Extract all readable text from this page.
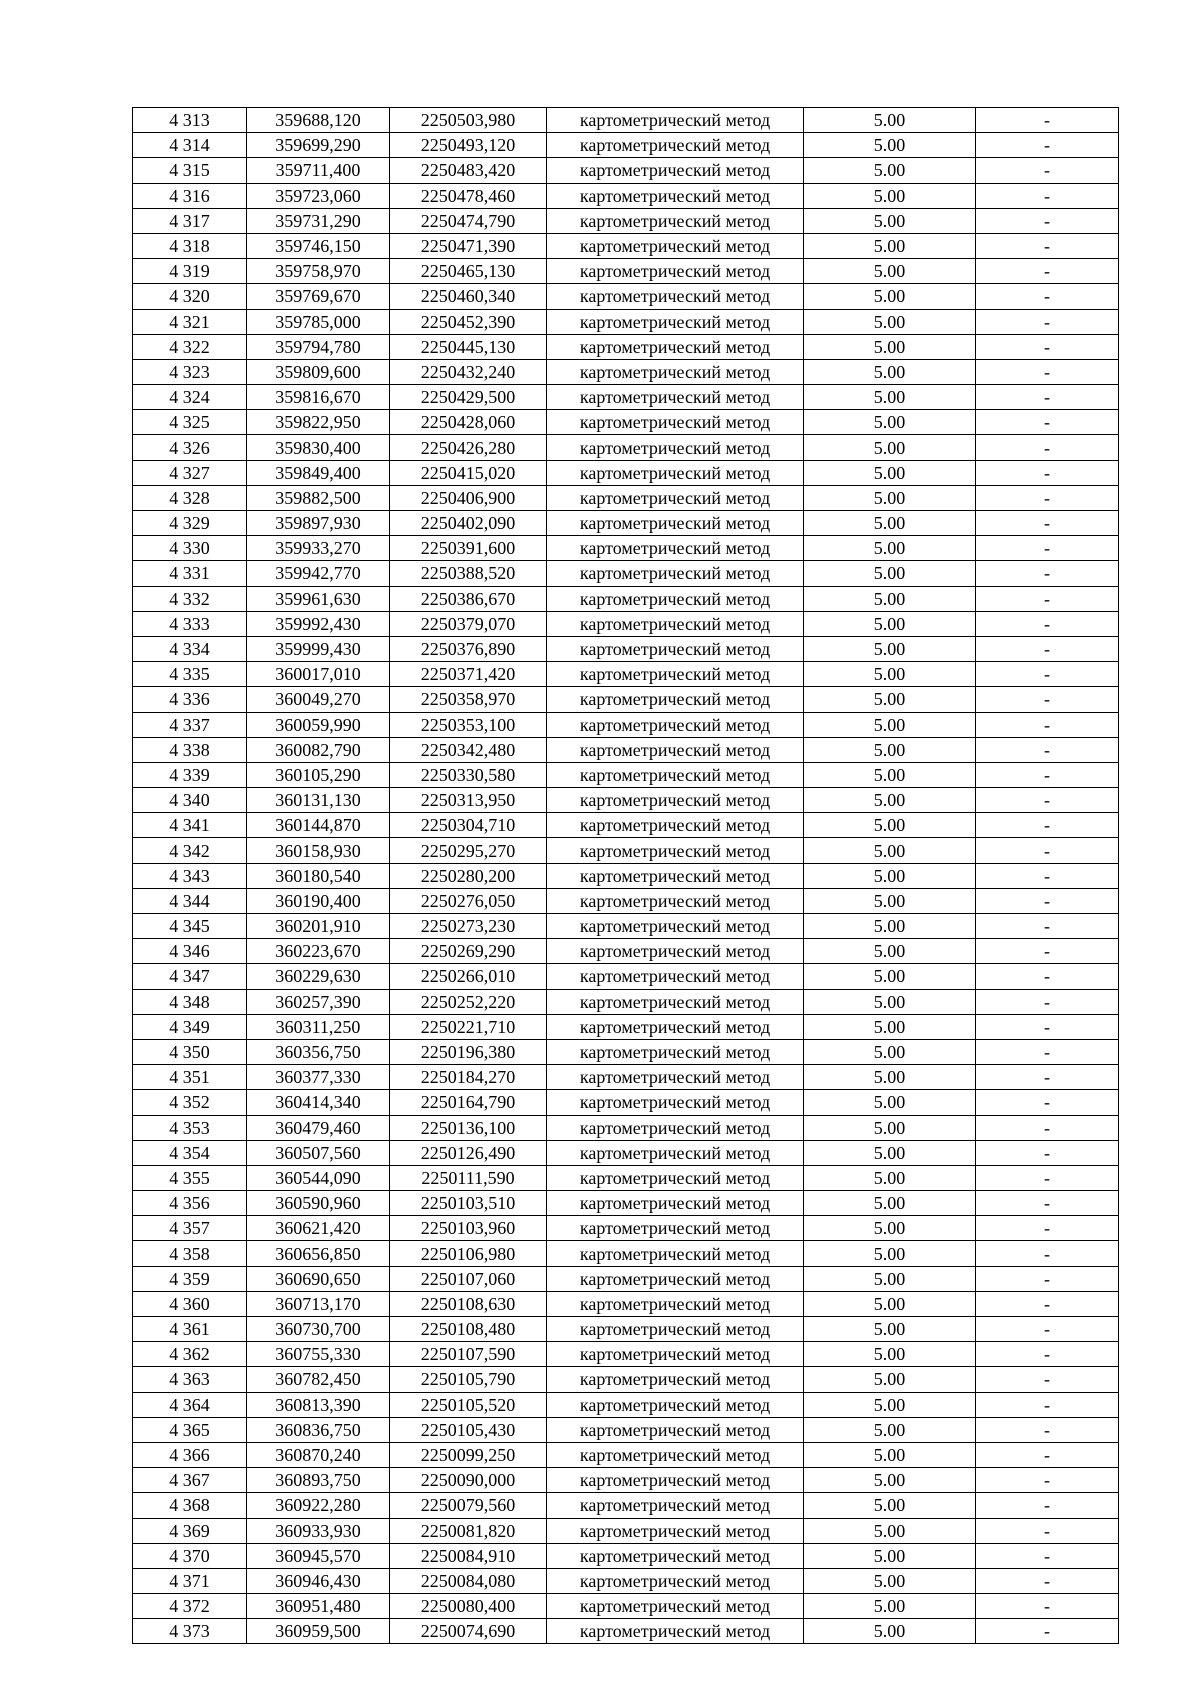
4 313	359688,120	2250503,980	картометрический метод	5.00	-
4 314	359699,290	2250493,120	картометрический метод	5.00	-
4 315	359711,400	2250483,420	картометрический метод	5.00	-
4 316	359723,060	2250478,460	картометрический метод	5.00	-
4 317	359731,290	2250474,790	картометрический метод	5.00	-
4 318	359746,150	2250471,390	картометрический метод	5.00	-
4 319	359758,970	2250465,130	картометрический метод	5.00	-
4 320	359769,670	2250460,340	картометрический метод	5.00	-
4 321	359785,000	2250452,390	картометрический метод	5.00	-
4 322	359794,780	2250445,130	картометрический метод	5.00	-
4 323	359809,600	2250432,240	картометрический метод	5.00	-
4 324	359816,670	2250429,500	картометрический метод	5.00	-
4 325	359822,950	2250428,060	картометрический метод	5.00	-
4 326	359830,400	2250426,280	картометрический метод	5.00	-
4 327	359849,400	2250415,020	картометрический метод	5.00	-
4 328	359882,500	2250406,900	картометрический метод	5.00	-
4 329	359897,930	2250402,090	картометрический метод	5.00	-
4 330	359933,270	2250391,600	картометрический метод	5.00	-
4 331	359942,770	2250388,520	картометрический метод	5.00	-
4 332	359961,630	2250386,670	картометрический метод	5.00	-
4 333	359992,430	2250379,070	картометрический метод	5.00	-
4 334	359999,430	2250376,890	картометрический метод	5.00	-
4 335	360017,010	2250371,420	картометрический метод	5.00	-
4 336	360049,270	2250358,970	картометрический метод	5.00	-
4 337	360059,990	2250353,100	картометрический метод	5.00	-
4 338	360082,790	2250342,480	картометрический метод	5.00	-
4 339	360105,290	2250330,580	картометрический метод	5.00	-
4 340	360131,130	2250313,950	картометрический метод	5.00	-
4 341	360144,870	2250304,710	картометрический метод	5.00	-
4 342	360158,930	2250295,270	картометрический метод	5.00	-
4 343	360180,540	2250280,200	картометрический метод	5.00	-
4 344	360190,400	2250276,050	картометрический метод	5.00	-
4 345	360201,910	2250273,230	картометрический метод	5.00	-
4 346	360223,670	2250269,290	картометрический метод	5.00	-
4 347	360229,630	2250266,010	картометрический метод	5.00	-
4 348	360257,390	2250252,220	картометрический метод	5.00	-
4 349	360311,250	2250221,710	картометрический метод	5.00	-
4 350	360356,750	2250196,380	картометрический метод	5.00	-
4 351	360377,330	2250184,270	картометрический метод	5.00	-
4 352	360414,340	2250164,790	картометрический метод	5.00	-
4 353	360479,460	2250136,100	картометрический метод	5.00	-
4 354	360507,560	2250126,490	картометрический метод	5.00	-
4 355	360544,090	2250111,590	картометрический метод	5.00	-
4 356	360590,960	2250103,510	картометрический метод	5.00	-
4 357	360621,420	2250103,960	картометрический метод	5.00	-
4 358	360656,850	2250106,980	картометрический метод	5.00	-
4 359	360690,650	2250107,060	картометрический метод	5.00	-
4 360	360713,170	2250108,630	картометрический метод	5.00	-
4 361	360730,700	2250108,480	картометрический метод	5.00	-
4 362	360755,330	2250107,590	картометрический метод	5.00	-
4 363	360782,450	2250105,790	картометрический метод	5.00	-
4 364	360813,390	2250105,520	картометрический метод	5.00	-
4 365	360836,750	2250105,430	картометрический метод	5.00	-
4 366	360870,240	2250099,250	картометрический метод	5.00	-
4 367	360893,750	2250090,000	картометрический метод	5.00	-
4 368	360922,280	2250079,560	картометрический метод	5.00	-
4 369	360933,930	2250081,820	картометрический метод	5.00	-
4 370	360945,570	2250084,910	картометрический метод	5.00	-
4 371	360946,430	2250084,080	картометрический метод	5.00	-
4 372	360951,480	2250080,400	картометрический метод	5.00	-
4 373	360959,500	2250074,690	картометрический метод	5.00	-
